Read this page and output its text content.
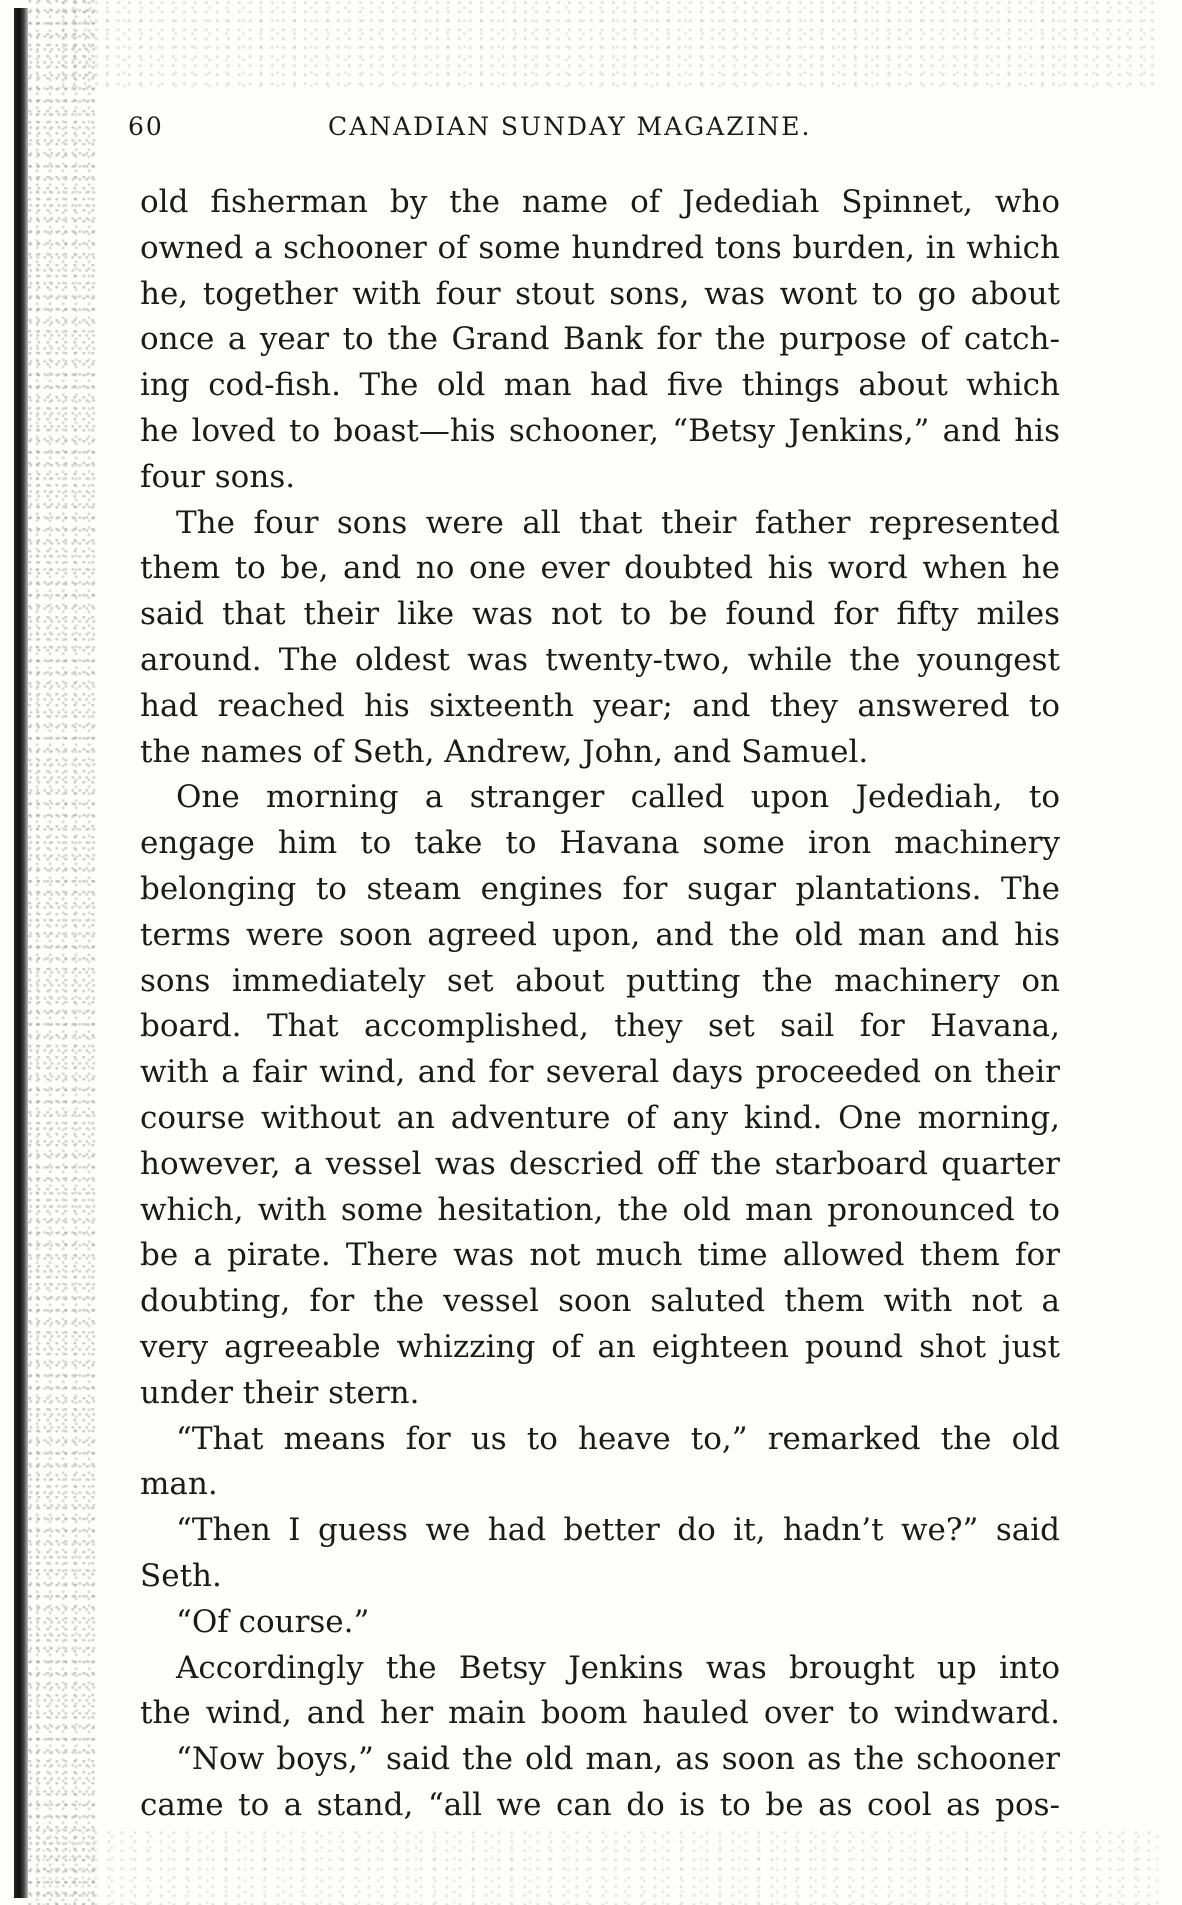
60	CANADIAN SUNDAY MAGAZINE.
old fisherman by the name of Jedediah Spinnet, who
owned a schooner of some hundred tons burden, in which
he, together with four stout sons, was wont to go about
once a year to the Grand Bank for the purpose of catch-
ing cod-fish. The old man had five things about which
he loved to boast—his schooner, “Betsy Jenkins,” and his
four sons.
The four sons were all that their father represented
them to be, and no one ever doubted his word when he
said that their like was not to be found for fifty miles
around. The oldest was twenty-two, while the youngest
had reached his sixteenth year; and they answered to
the names of Seth, Andrew, John, and Samuel.
One morning a stranger called upon Jedediah, to
engage him to take to Havana some iron machinery
belonging to steam engines for sugar plantations. The
terms were soon agreed upon, and the old man and his
sons immediately set about putting the machinery on
board. That accomplished, they set sail for Havana,
with a fair wind, and for several days proceeded on their
course without an adventure of any kind. One morning,
however, a vessel was descried off the starboard quarter
which, with some hesitation, the old man pronounced to
be a pirate. There was not much time allowed them for
doubting, for the vessel soon saluted them with not a
very agreeable whizzing of an eighteen pound shot just
under their stern.
“That means for us to heave to,” remarked the old
man.
“Then I guess we had better do it, hadn’t we?” said
Seth.
“Of course.”
Accordingly the Betsy Jenkins was brought up into
the wind, and her main boom hauled over to windward.
“Now boys,” said the old man, as soon as the schooner
came to a stand, “all we can do is to be as cool as pos-
